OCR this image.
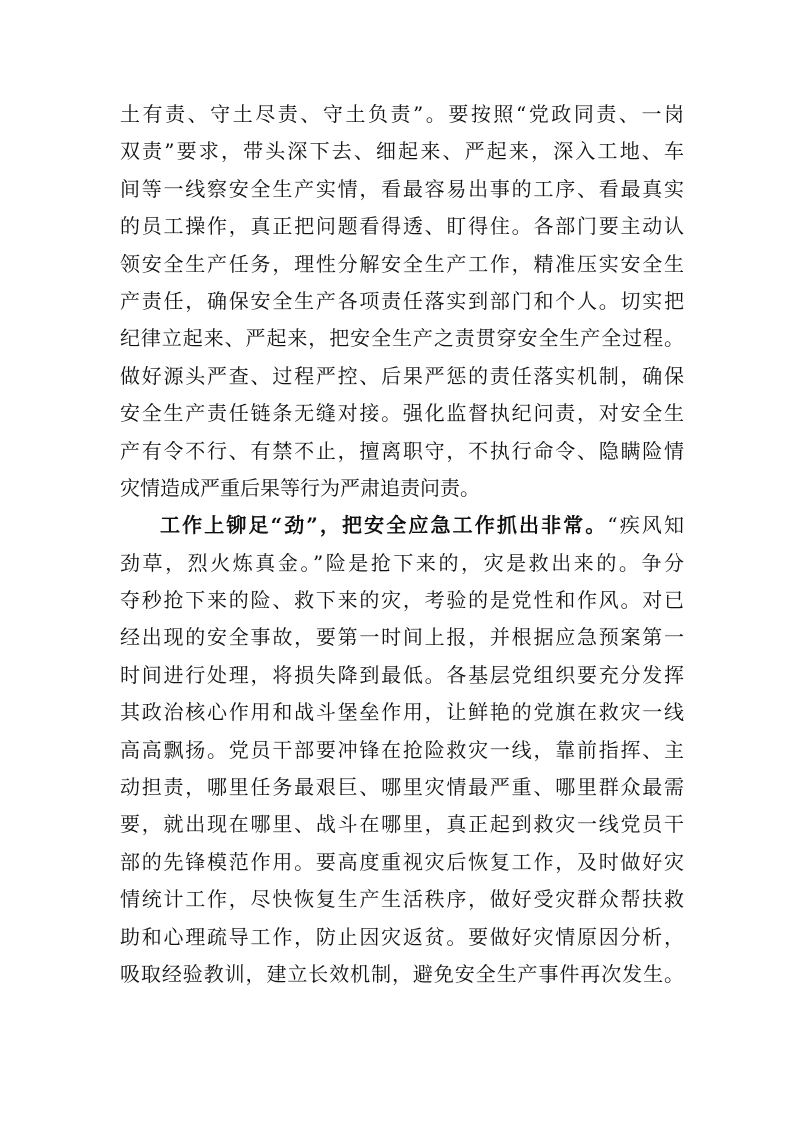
土有责、守土尽责、守土负责”。要按照“党政同责、一岗
双责”要求，带头深下去、细起来、严起来，深入工地、车
间等一线察安全生产实情，看最容易出事的工序、看最真实
的员工操作，真正把问题看得透、盯得住。各部门要主动认
领安全生产任务，理性分解安全生产工作，精准压实安全生
产责任，确保安全生产各项责任落实到部门和个人。切实把
纪律立起来、严起来，把安全生产之责贯穿安全生产全过程。
做好源头严查、过程严控、后果严惩的责任落实机制，确保
安全生产责任链条无缝对接。强化监督执纪问责，对安全生
产有令不行、有禁不止，擅离职守，不执行命令、隐瞒险情
灾情造成严重后果等行为严肃追责问责。
工作上铆足“劲”，把安全应急工作抓出非常。“疾风知
劲草，烈火炼真金。”险是抢下来的，灾是救出来的。争分
夺秒抢下来的险、救下来的灾，考验的是党性和作风。对已
经出现的安全事故，要第一时间上报，并根据应急预案第一
时间进行处理，将损失降到最低。各基层党组织要充分发挥
其政治核心作用和战斗堡垒作用，让鲜艳的党旗在救灾一线
高高飘扬。党员干部要冲锋在抢险救灾一线，靠前指挥、主
动担责，哪里任务最艰巨、哪里灾情最严重、哪里群众最需
要，就出现在哪里、战斗在哪里，真正起到救灾一线党员干
部的先锋模范作用。要高度重视灾后恢复工作，及时做好灾
情统计工作，尽快恢复生产生活秩序，做好受灾群众帮扶救
助和心理疏导工作，防止因灾返贫。要做好灾情原因分析，
吸取经验教训，建立长效机制，避免安全生产事件再次发生。
